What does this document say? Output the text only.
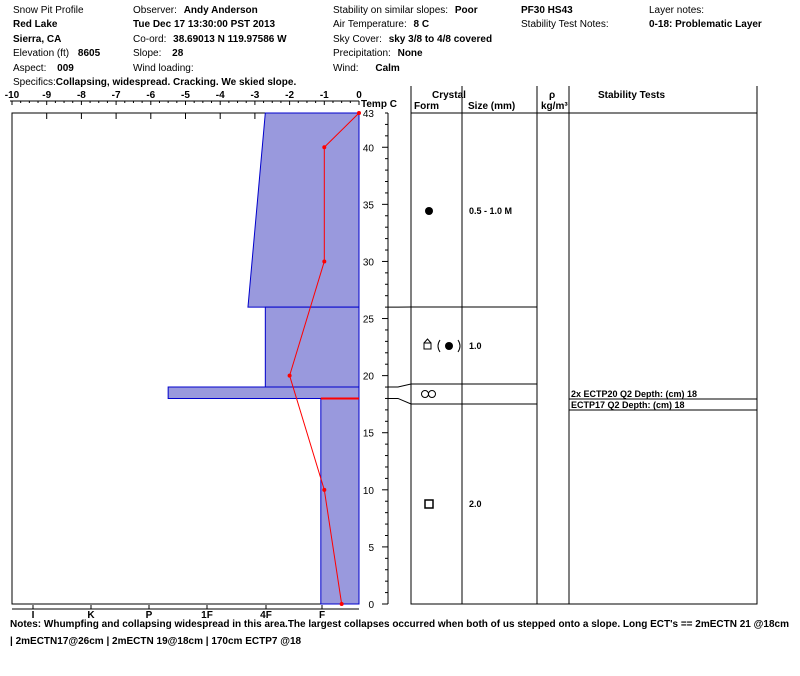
Snow Pit Profile
Red Lake
Sierra, CA
Elevation (ft) 8605
Aspect: 009
Observer: Andy Anderson
Tue Dec 17 13:30:00 PST 2013
Co-ord: 38.69013 N 119.97586 W
Slope: 28
Wind loading:
Stability on similar slopes: Poor
Air Temperature: 8 C
Sky Cover: sky 3/8 to 4/8 covered
Precipitation: None
Wind: Calm
PF30 HS43
Stability Test Notes:
Layer notes:
0-18: Problematic Layer
Specifics:Collapsing, widespread. Cracking. We skied slope.
-10 -9	-8	-7	-6	-5	-4	-3	-2	-1	0
0
5
10
15
20
25
30
35
40
43
I	K	P	1F	4F	F
0.5 - 1.0 M
1.0
2.0
2x ECTP20 Q2 Depth: (cm) 18
ECTP17 Q2 Depth: (cm) 18
Temp C
Crystal
Form	Size (mm)
ρ
kg/m³
Stability Tests
Notes: Whumpfing and collapsing widespread in this area.The largest collapses occurred when both of us stepped onto a slope. Long ECT's == 2mECTN 21 @18cm | 2mECTN17@26cm | 2mECTN 19@18cm | 170cm ECTP7 @18
